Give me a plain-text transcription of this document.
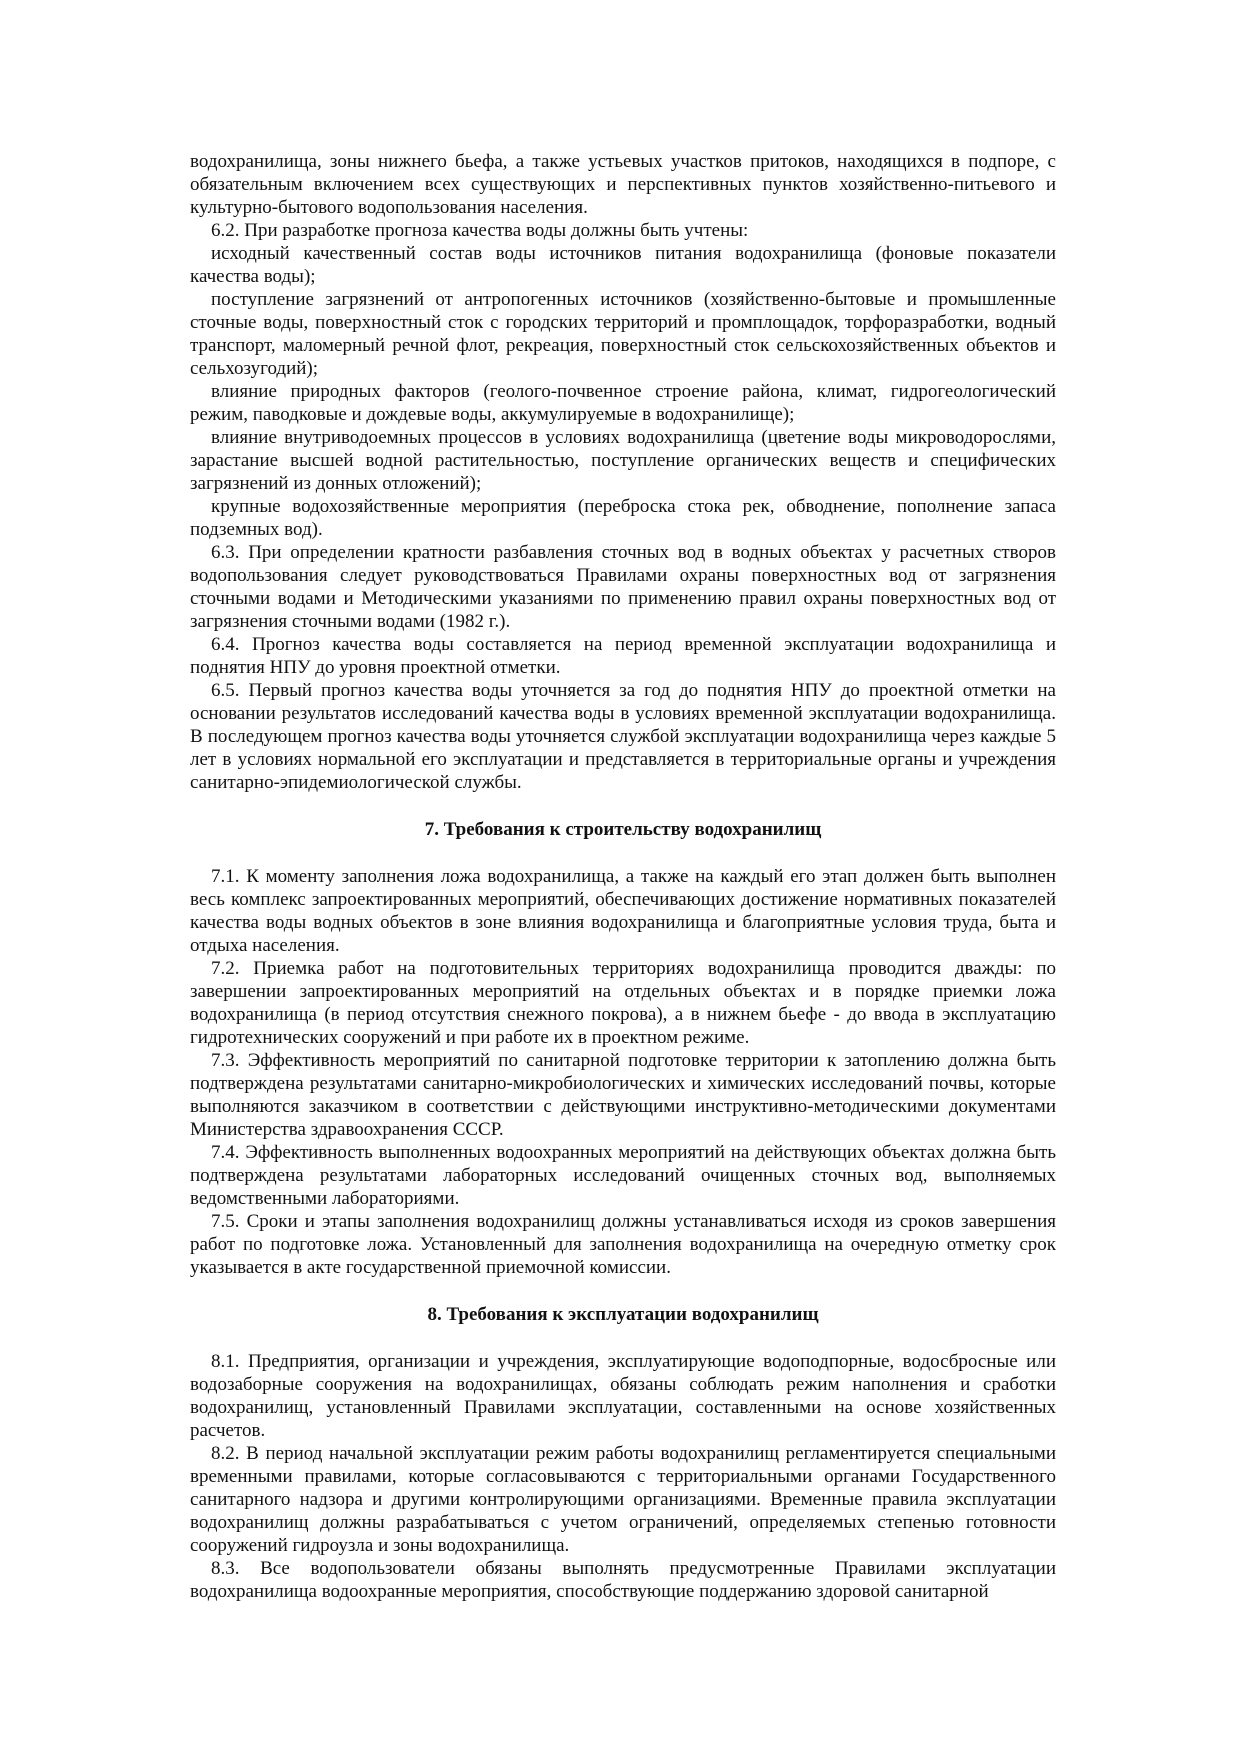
водохранилища, зоны нижнего бьефа, а также устьевых участков притоков, находящихся в подпоре, с обязательным включением всех существующих и перспективных пунктов хозяйственно-питьевого и культурно-бытового водопользования населения.

6.2. При разработке прогноза качества воды должны быть учтены:

исходный качественный состав воды источников питания водохранилища (фоновые показатели качества воды);

поступление загрязнений от антропогенных источников (хозяйственно-бытовые и промышленные сточные воды, поверхностный сток с городских территорий и промплощадок, торфоразработки, водный транспорт, маломерный речной флот, рекреация, поверхностный сток сельскохозяйственных объектов и сельхозугодий);

влияние природных факторов (геолого-почвенное строение района, климат, гидрогеологический режим, паводковые и дождевые воды, аккумулируемые в водохранилище);

влияние внутриводоемных процессов в условиях водохранилища (цветение воды микроводорослями, зарастание высшей водной растительностью, поступление органических веществ и специфических загрязнений из донных отложений);

крупные водохозяйственные мероприятия (переброска стока рек, обводнение, пополнение запаса подземных вод).

6.3. При определении кратности разбавления сточных вод в водных объектах у расчетных створов водопользования следует руководствоваться Правилами охраны поверхностных вод от загрязнения сточными водами и Методическими указаниями по применению правил охраны поверхностных вод от загрязнения сточными водами (1982 г.).

6.4. Прогноз качества воды составляется на период временной эксплуатации водохранилища и поднятия НПУ до уровня проектной отметки.

6.5. Первый прогноз качества воды уточняется за год до поднятия НПУ до проектной отметки на основании результатов исследований качества воды в условиях временной эксплуатации водохранилища. В последующем прогноз качества воды уточняется службой эксплуатации водохранилища через каждые 5 лет в условиях нормальной его эксплуатации и представляется в территориальные органы и учреждения санитарно-эпидемиологической службы.

7. Требования к строительству водохранилищ

7.1. К моменту заполнения ложа водохранилища, а также на каждый его этап должен быть выполнен весь комплекс запроектированных мероприятий, обеспечивающих достижение нормативных показателей качества воды водных объектов в зоне влияния водохранилища и благоприятные условия труда, быта и отдыха населения.

7.2. Приемка работ на подготовительных территориях водохранилища проводится дважды: по завершении запроектированных мероприятий на отдельных объектах и в порядке приемки ложа водохранилища (в период отсутствия снежного покрова), а в нижнем бьефе - до ввода в эксплуатацию гидротехнических сооружений и при работе их в проектном режиме.

7.3. Эффективность мероприятий по санитарной подготовке территории к затоплению должна быть подтверждена результатами санитарно-микробиологических и химических исследований почвы, которые выполняются заказчиком в соответствии с действующими инструктивно-методическими документами Министерства здравоохранения СССР.

7.4. Эффективность выполненных водоохранных мероприятий на действующих объектах должна быть подтверждена результатами лабораторных исследований очищенных сточных вод, выполняемых ведомственными лабораториями.

7.5. Сроки и этапы заполнения водохранилищ должны устанавливаться исходя из сроков завершения работ по подготовке ложа. Установленный для заполнения водохранилища на очередную отметку срок указывается в акте государственной приемочной комиссии.

8. Требования к эксплуатации водохранилищ

8.1. Предприятия, организации и учреждения, эксплуатирующие водоподпорные, водосбросные или водозаборные сооружения на водохранилищах, обязаны соблюдать режим наполнения и сработки водохранилищ, установленный Правилами эксплуатации, составленными на основе хозяйственных расчетов.

8.2. В период начальной эксплуатации режим работы водохранилищ регламентируется специальными временными правилами, которые согласовываются с территориальными органами Государственного санитарного надзора и другими контролирующими организациями. Временные правила эксплуатации водохранилищ должны разрабатываться с учетом ограничений, определяемых степенью готовности сооружений гидроузла и зоны водохранилища.

8.3. Все водопользователи обязаны выполнять предусмотренные Правилами эксплуатации водохранилища водоохранные мероприятия, способствующие поддержанию здоровой санитарной
